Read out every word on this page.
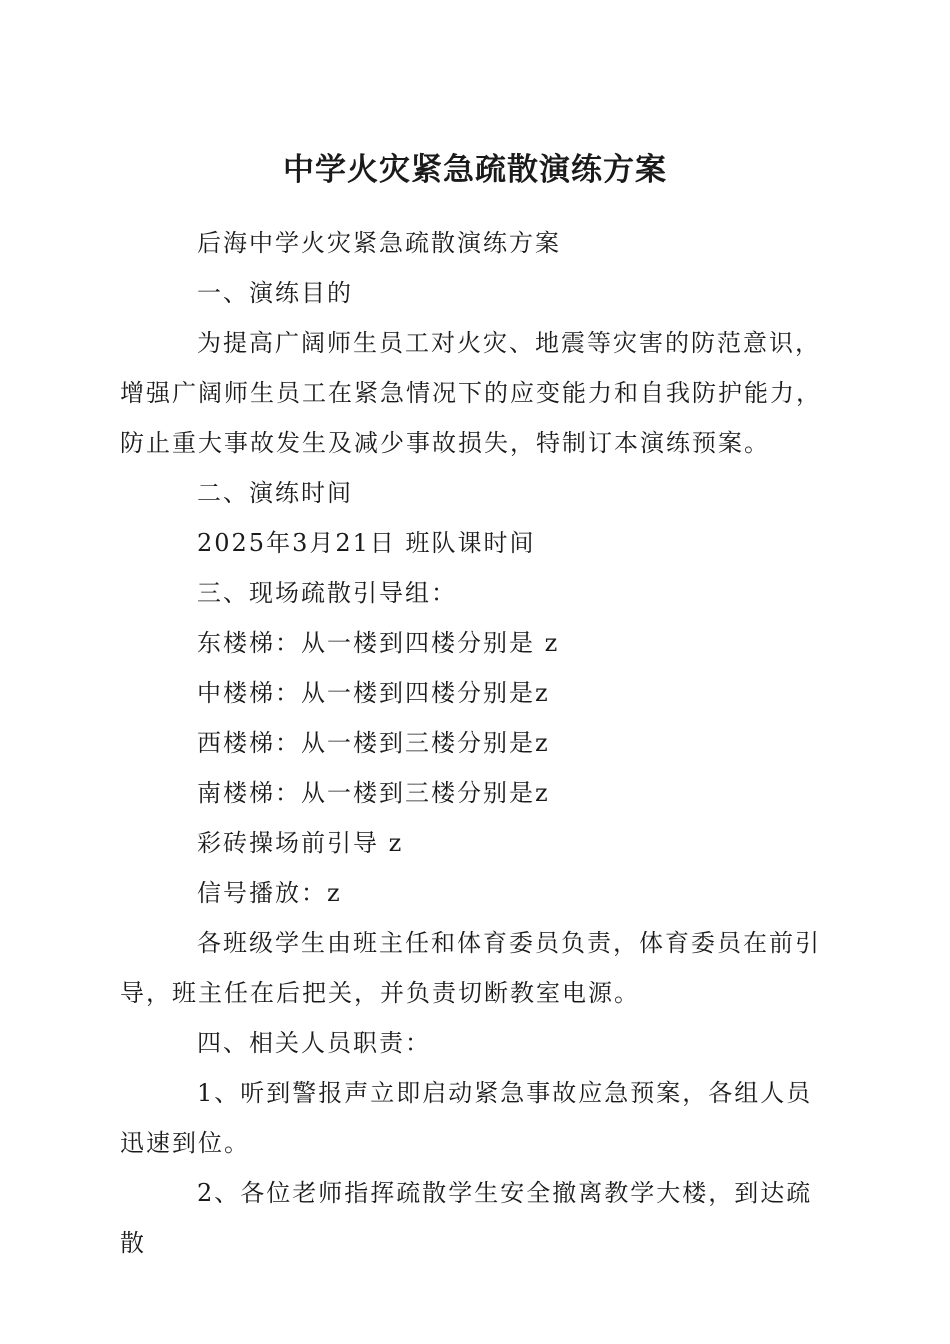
中学火灾紧急疏散演练方案

后海中学火灾紧急疏散演练方案

一、演练目的

为提高广阔师生员工对火灾、地震等灾害的防范意识，增强广阔师生员工在紧急情况下的应变能力和自我防护能力，防止重大事故发生及减少事故损失，特制订本演练预案。

二、演练时间

2025年3月21日 班队课时间

三、现场疏散引导组：

东楼梯：从一楼到四楼分别是 z

中楼梯：从一楼到四楼分别是z

西楼梯：从一楼到三楼分别是z

南楼梯：从一楼到三楼分别是z

彩砖操场前引导 z

信号播放：z

各班级学生由班主任和体育委员负责，体育委员在前引导，班主任在后把关，并负责切断教室电源。

四、相关人员职责：

1、听到警报声立即启动紧急事故应急预案，各组人员迅速到位。

2、各位老师指挥疏散学生安全撤离教学大楼，到达疏散
